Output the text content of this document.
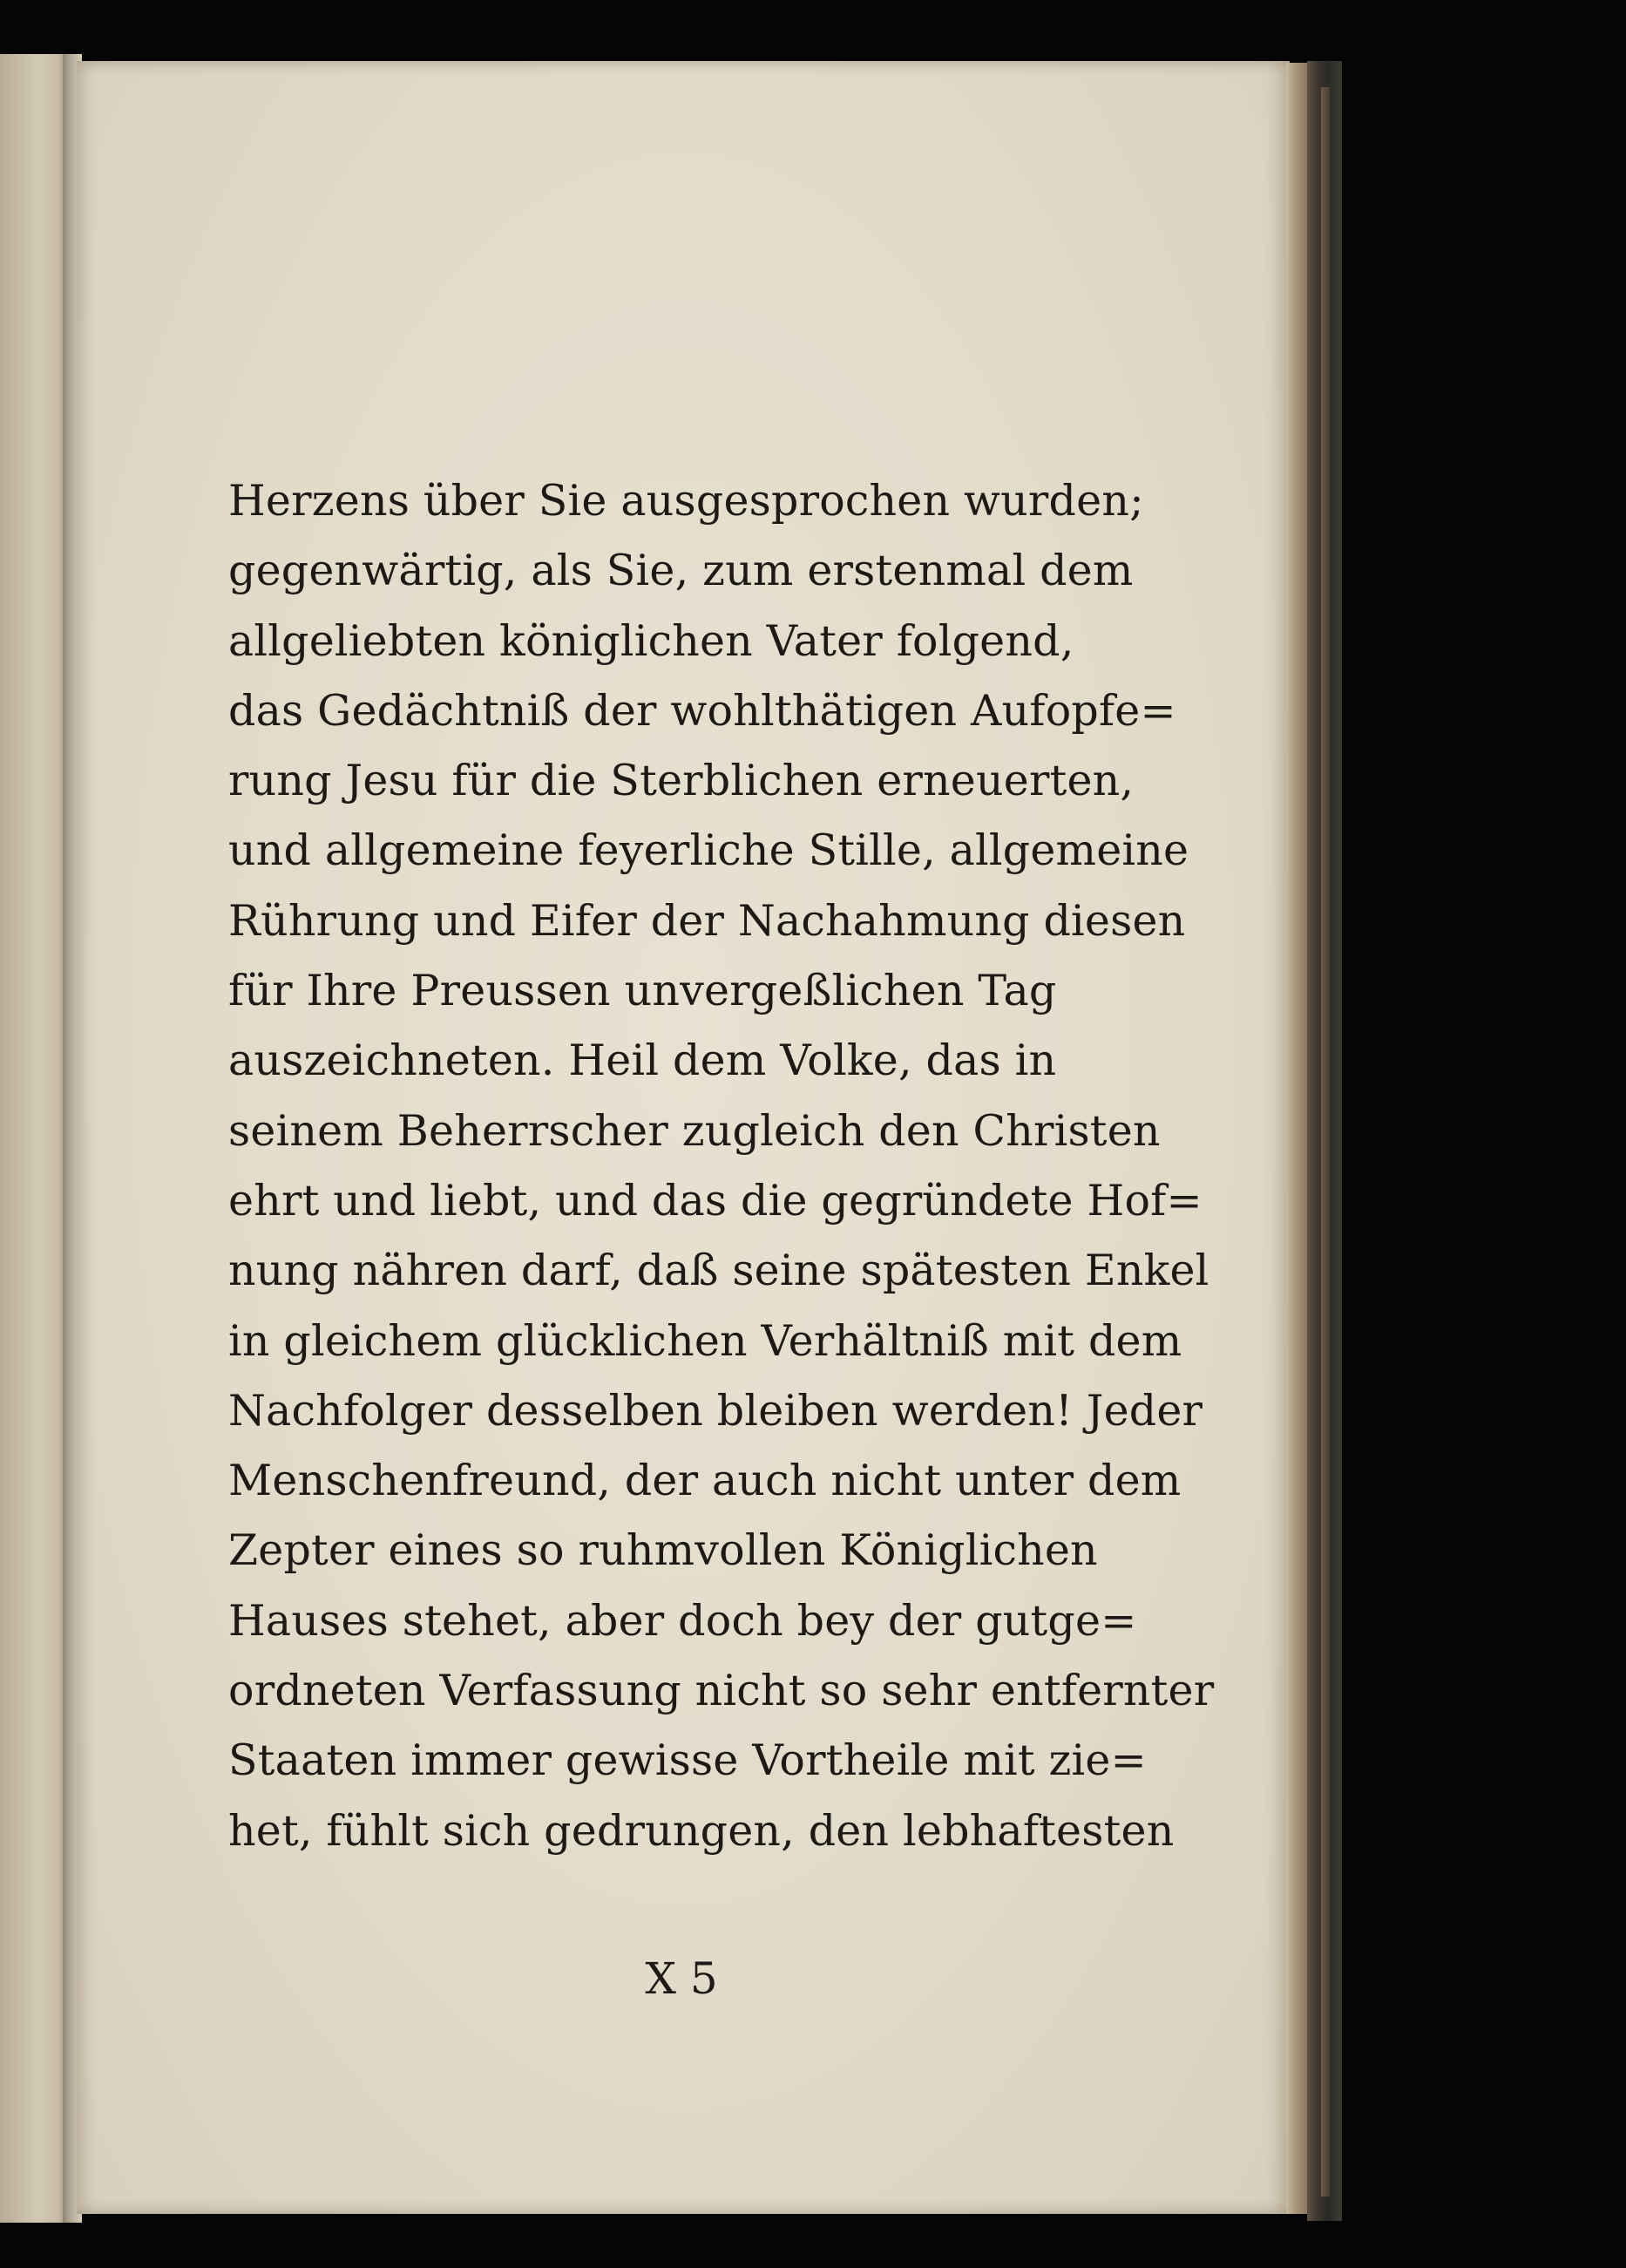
Herzens über Sie ausgesprochen wurden;
gegenwärtig, als Sie, zum erstenmal dem
allgeliebten königlichen Vater folgend,
das Gedächtniß der wohlthätigen Aufopfe=
rung Jesu für die Sterblichen erneuerten,
und allgemeine feyerliche Stille, allgemeine
Rührung und Eifer der Nachahmung diesen
für Ihre Preussen unvergeßlichen Tag
auszeichneten. Heil dem Volke, das in
seinem Beherrscher zugleich den Christen
ehrt und liebt, und das die gegründete Hof=
nung nähren darf, daß seine spätesten Enkel
in gleichem glücklichen Verhältniß mit dem
Nachfolger desselben bleiben werden! Jeder
Menschenfreund, der auch nicht unter dem
Zepter eines so ruhmvollen Königlichen
Hauses stehet, aber doch bey der gutge=
ordneten Verfassung nicht so sehr entfernter
Staaten immer gewisse Vortheile mit zie=
het, fühlt sich gedrungen, den lebhaftesten
X 5
